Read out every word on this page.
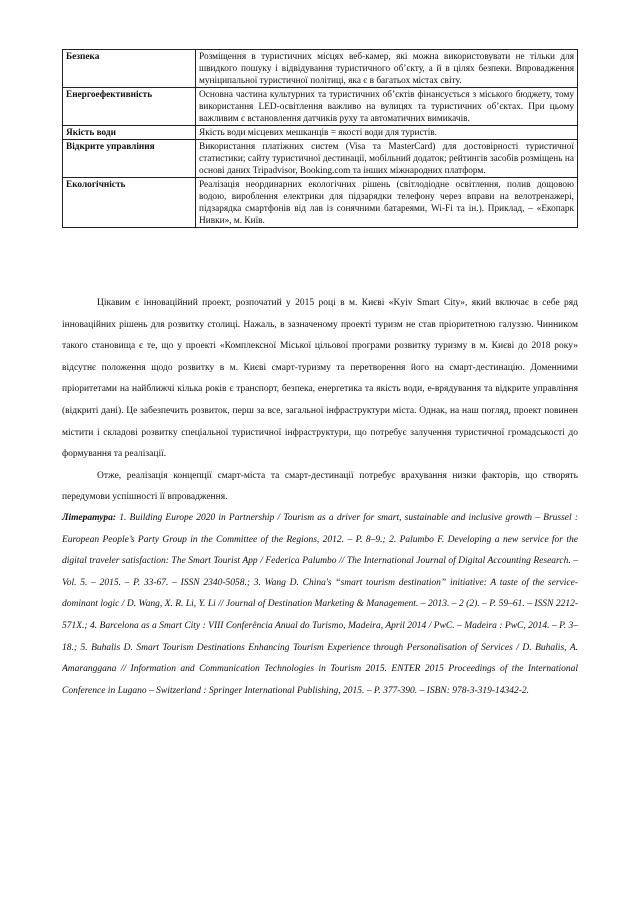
Безпека	Розміщення в туристичних місцях веб-камер, які можна використовувати не тільки для швидкого пошуку і відвідування туристичного об’єкту, а й в цілях безпеки. Впровадження муніципальної туристичної політиці, яка є в багатьох містах світу.
Енергоефективність	Основна частина культурних та туристичних об’єктів фінансується з міського бюджету, тому використання LED-освітлення важливо на вулицях та туристичних об’єктах. При цьому важливим є встановлення датчиків руху та автоматичних вимикачів.
Якість води	Якість води місцевих мешканців = якості води для туристів.
Відкрите управління	Використання платіжних систем (Visa та MasterCard) для достовірності туристичної статистики; сайту туристичної дестинації, мобільний додаток; рейтингів засобів розміщень на основі даних Tripadvisor, Booking.com та інших міжнародних платформ.
Екологічність	Реалізація неординарних екологічних рішень (світлодіодне освітлення, полив дощовою водою, вироблення електрики для підзарядки телефону через вправи на велотренажері, підзарядка смартфонів від лав із сонячними батареями, Wi-Fi та ін.). Приклад, – «Екопарк Нивки», м. Київ.

Цікавим є інноваційний проект, розпочатий у 2015 році в м. Києві «Kyiv Smart City», який включає в себе ряд інноваційних рішень для розвитку столиці. Нажаль, в зазначеному проекті туризм не став пріоритетною галуззю. Чинником такого становища є те, що у проекті «Комплексної Міської цільової програми розвитку туризму в м. Києві до 2018 року» відсутнє положення щодо розвитку в м. Києві смарт-туризму та перетворення його на смарт-дестинацію. Доменними пріоритетами на найближчі кілька років є транспорт, безпека, енергетика та якість води, е-врядування та відкрите управління (відкриті дані). Це забезпечить розвиток, перш за все, загальної інфраструктури міста. Однак, на наш погляд, проект повинен містити і складові розвитку спеціальної туристичної інфраструктури, що потребує залучення туристичної громадськості до формування та реалізації.

Отже, реалізація концепції смарт-міста та смарт-дестинації потребує врахування низки факторів, що створять передумови успішності її впровадження.

Література: 1. Building Europe 2020 in Partnership / Tourism as a driver for smart, sustainable and inclusive growth – Brussel : European People’s Party Group in the Committee of the Regions, 2012. – P. 8–9.; 2. Palumbo F. Developing a new service for the digital traveler satisfaction: The Smart Tourist App / Federica Palumbo // The International Journal of Digital Accounting Research. – Vol. 5. – 2015. – P. 33-67. – ISSN 2340-5058.; 3. Wang D. China's “smart tourism destination” initiative: A taste of the service-dominant logic / D. Wang, X. R. Li, Y. Li // Journal of Destination Marketing & Management. – 2013. – 2 (2). – P. 59–61. – ISSN 2212-571X.; 4. Barcelona as a Smart City : VIII Conferência Anual do Turismo, Madeira, April 2014 / PwC. – Madeira : PwC, 2014. – P. 3–18.; 5. Buhalis D. Smart Tourism Destinations Enhancing Tourism Experience through Personalisation of Services / D. Buhalis, A. Amaranggana // Information and Communication Technologies in Tourism 2015. ENTER 2015 Proceedings of the International Conference in Lugano – Switzerland : Springer International Publishing, 2015. – P. 377-390. – ISBN: 978-3-319-14342-2.
